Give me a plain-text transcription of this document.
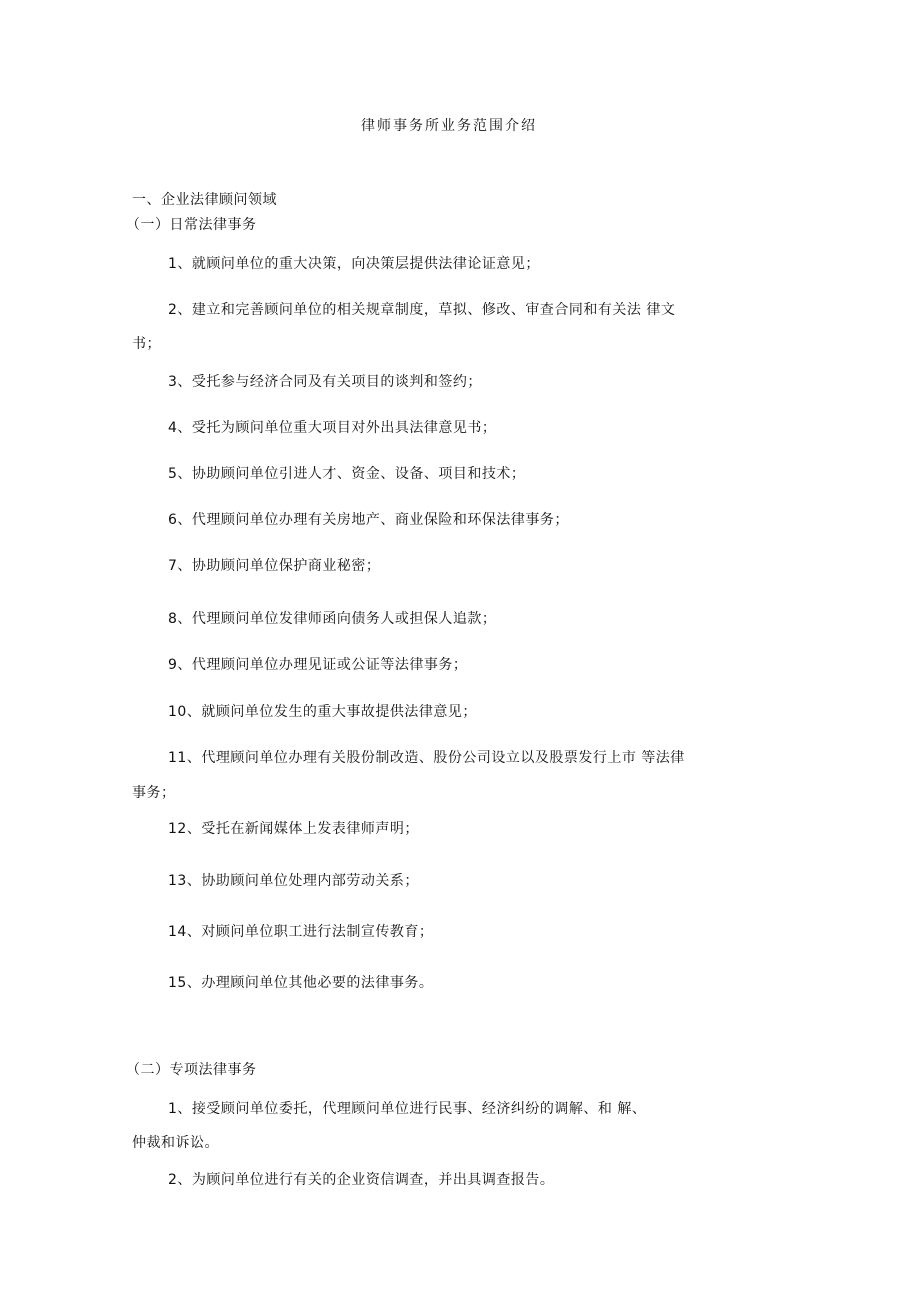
律师事务所业务范围介绍
一、企业法律顾问领域
（一）日常法律事务
1、就顾问单位的重大决策，向决策层提供法律论证意见；
2、建立和完善顾问单位的相关规章制度，草拟、修改、审查合同和有关法 律文
书；
3、受托参与经济合同及有关项目的谈判和签约；
4、受托为顾问单位重大项目对外出具法律意见书；
5、协助顾问单位引进人才、资金、设备、项目和技术；
6、代理顾问单位办理有关房地产、商业保险和环保法律事务；
7、协助顾问单位保护商业秘密；
8、代理顾问单位发律师函向债务人或担保人追款；
9、代理顾问单位办理见证或公证等法律事务；
10、就顾问单位发生的重大事故提供法律意见；
11、代理顾问单位办理有关股份制改造、股份公司设立以及股票发行上市 等法律
事务；
12、受托在新闻媒体上发表律师声明；
13、协助顾问单位处理内部劳动关系；
14、对顾问单位职工进行法制宣传教育；
15、办理顾问单位其他必要的法律事务。
（二）专项法律事务
1、接受顾问单位委托，代理顾问单位进行民事、经济纠纷的调解、和 解、
仲裁和诉讼。
2、为顾问单位进行有关的企业资信调查，并出具调查报告。
